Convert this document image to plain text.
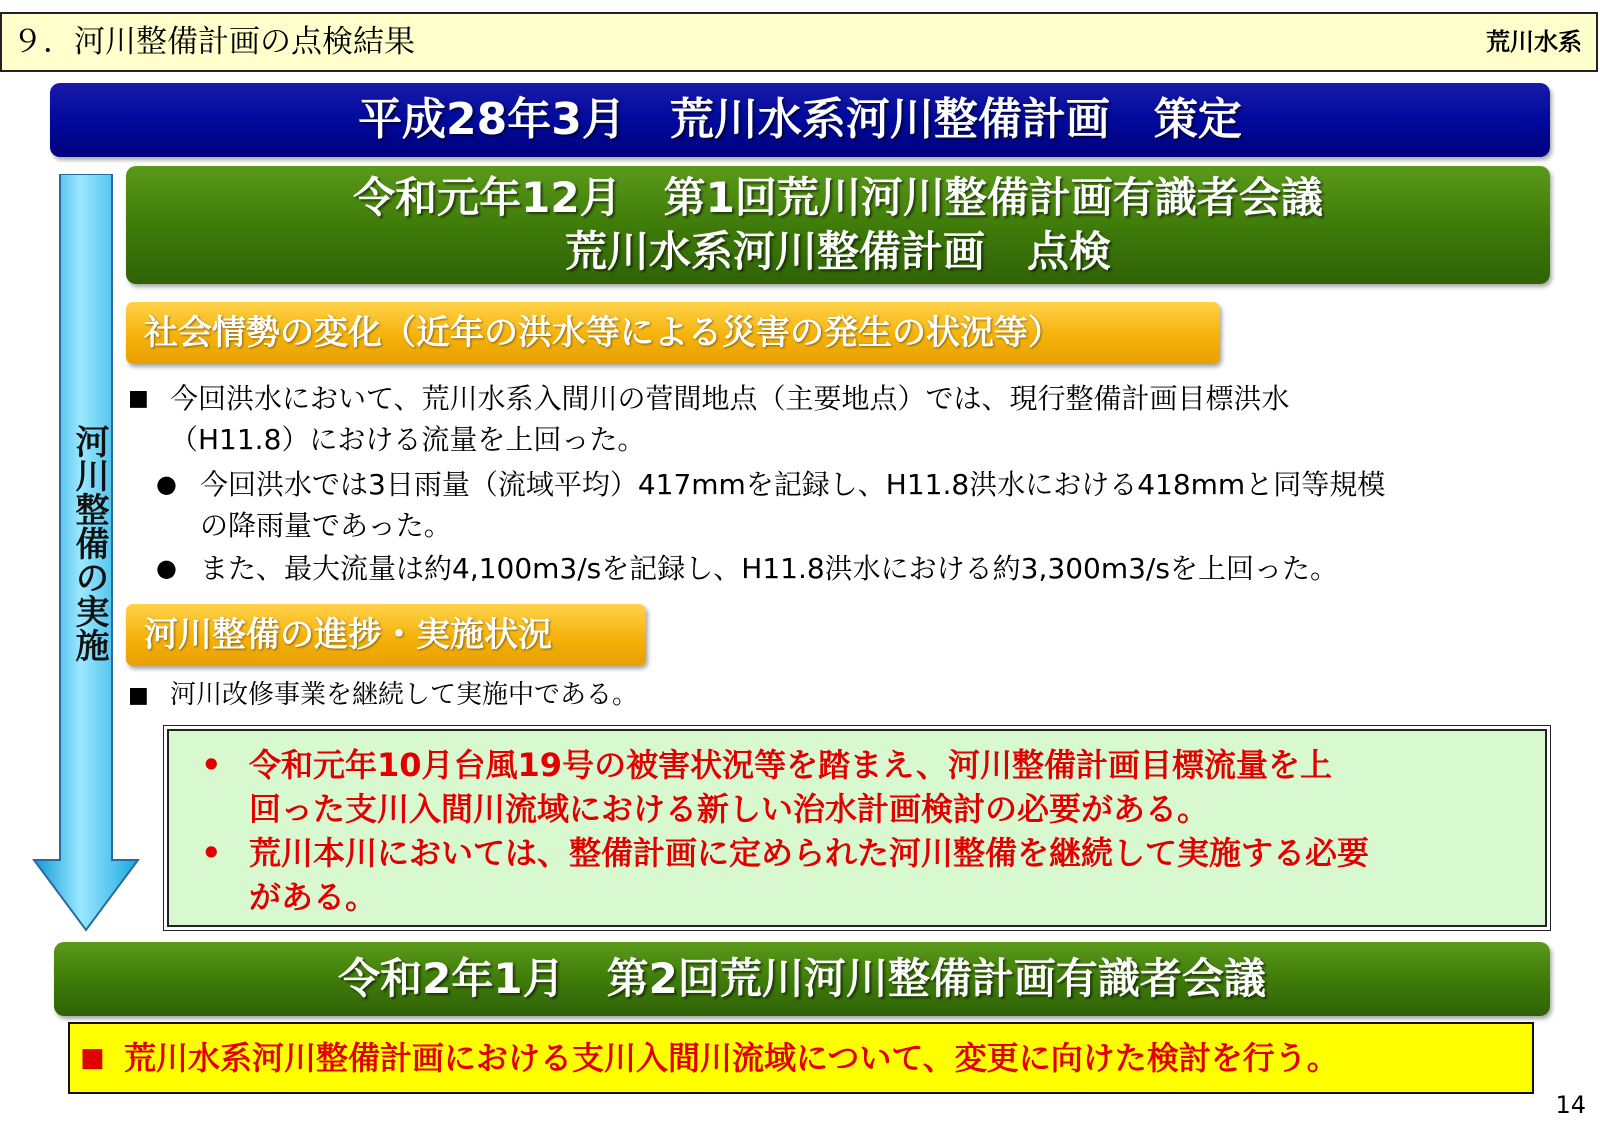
９．河川整備計画の点検結果	荒川水系
平成28年3月　荒川水系河川整備計画　策定
河川整備の実施
令和元年12月　第1回荒川河川整備計画有識者会議
荒川水系河川整備計画　点検
社会情勢の変化（近年の洪水等による災害の発生の状況等）
■ 今回洪水において、荒川水系入間川の菅間地点（主要地点）では、現行整備計画目標洪水
（H11.8）における流量を上回った。
● 今回洪水では3日雨量（流域平均）417mmを記録し、H11.8洪水における418mmと同等規模
の降雨量であった。
● また、最大流量は約4,100m3/sを記録し、H11.8洪水における約3,300m3/sを上回った。
河川整備の進捗・実施状況
■ 河川改修事業を継続して実施中である。
• 令和元年10月台風19号の被害状況等を踏まえ、河川整備計画目標流量を上
回った支川入間川流域における新しい治水計画検討の必要がある。
• 荒川本川においては、整備計画に定められた河川整備を継続して実施する必要
がある。
令和2年1月　第2回荒川河川整備計画有識者会議
■ 荒川水系河川整備計画における支川入間川流域について、変更に向けた検討を行う。
14
